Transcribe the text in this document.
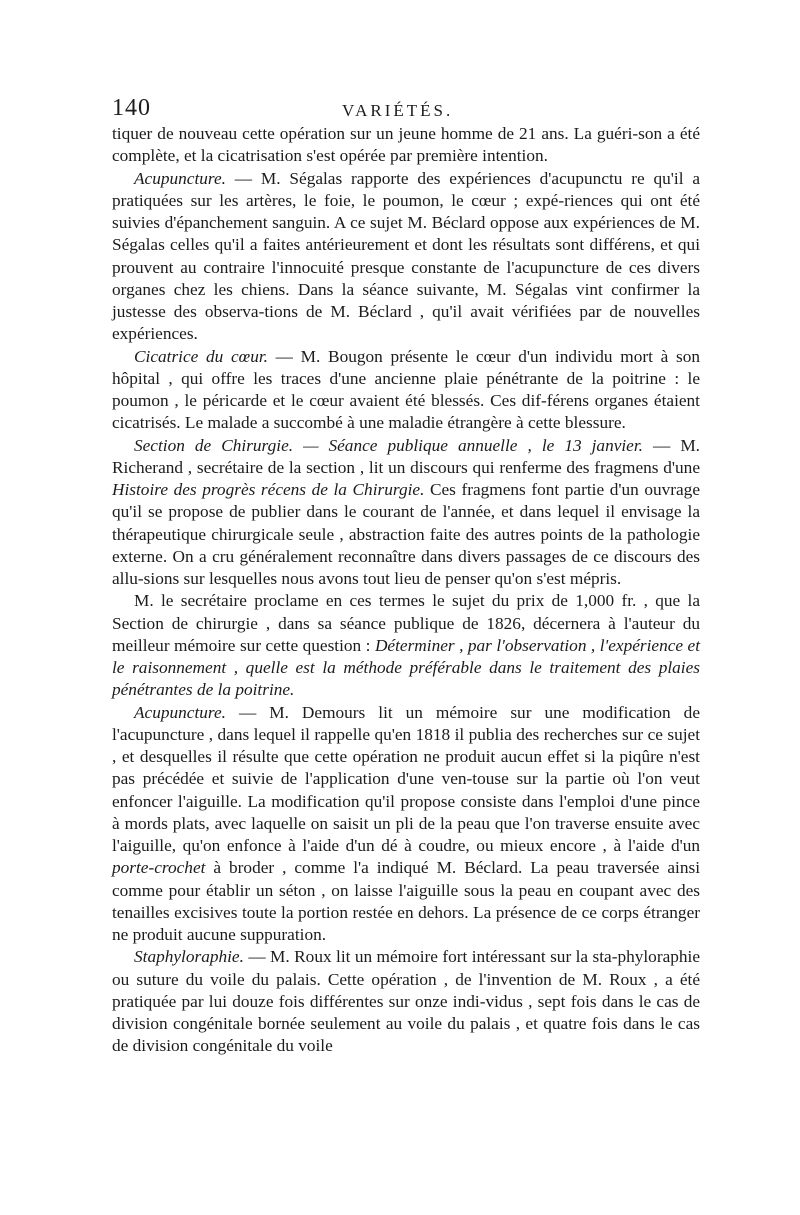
140	VARIÉTÉS.

tiquer de nouveau cette opération sur un jeune homme de 21 ans. La guéri-son a été complète, et la cicatrisation s'est opérée par première intention.

Acupuncture. — M. Ségalas rapporte des expériences d'acupunctu re qu'il a pratiquées sur les artères, le foie, le poumon, le cœur ; expé-riences qui ont été suivies d'épanchement sanguin. A ce sujet M. Béclard oppose aux expériences de M. Ségalas celles qu'il a faites antérieurement et dont les résultats sont différens, et qui prouvent au contraire l'innocuité presque constante de l'acupuncture de ces divers organes chez les chiens. Dans la séance suivante, M. Ségalas vint confirmer la justesse des observa-tions de M. Béclard , qu'il avait vérifiées par de nouvelles expériences.

Cicatrice du cœur. — M. Bougon présente le cœur d'un individu mort à son hôpital , qui offre les traces d'une ancienne plaie pénétrante de la poitrine : le poumon , le péricarde et le cœur avaient été blessés. Ces dif-férens organes étaient cicatrisés. Le malade a succombé à une maladie étrangère à cette blessure.

Section de Chirurgie. — Séance publique annuelle , le 13 janvier. — M. Richerand , secrétaire de la section , lit un discours qui renferme des fragmens d'une Histoire des progrès récens de la Chirurgie. Ces fragmens font partie d'un ouvrage qu'il se propose de publier dans le courant de l'année, et dans lequel il envisage la thérapeutique chirurgicale seule , abstraction faite des autres points de la pathologie externe. On a cru généralement reconnaître dans divers passages de ce discours des allu-sions sur lesquelles nous avons tout lieu de penser qu'on s'est mépris.

M. le secrétaire proclame en ces termes le sujet du prix de 1,000 fr. , que la Section de chirurgie , dans sa séance publique de 1826, décernera à l'auteur du meilleur mémoire sur cette question : Déterminer , par l'observation , l'expérience et le raisonnement , quelle est la méthode préférable dans le traitement des plaies pénétrantes de la poitrine.

Acupuncture. — M. Demours lit un mémoire sur une modification de l'acupuncture , dans lequel il rappelle qu'en 1818 il publia des recherches sur ce sujet , et desquelles il résulte que cette opération ne produit aucun effet si la piqûre n'est pas précédée et suivie de l'application d'une ven-touse sur la partie où l'on veut enfoncer l'aiguille. La modification qu'il propose consiste dans l'emploi d'une pince à mords plats, avec laquelle on saisit un pli de la peau que l'on traverse ensuite avec l'aiguille, qu'on enfonce à l'aide d'un dé à coudre, ou mieux encore , à l'aide d'un porte-crochet à broder , comme l'a indiqué M. Béclard. La peau traversée ainsi comme pour établir un séton , on laisse l'aiguille sous la peau en coupant avec des tenailles excisives toute la portion restée en dehors. La présence de ce corps étranger ne produit aucune suppuration.

Staphyloraphie. — M. Roux lit un mémoire fort intéressant sur la sta-phyloraphie ou suture du voile du palais. Cette opération , de l'invention de M. Roux , a été pratiquée par lui douze fois différentes sur onze indi-vidus , sept fois dans le cas de division congénitale bornée seulement au voile du palais , et quatre fois dans le cas de division congénitale du voile
